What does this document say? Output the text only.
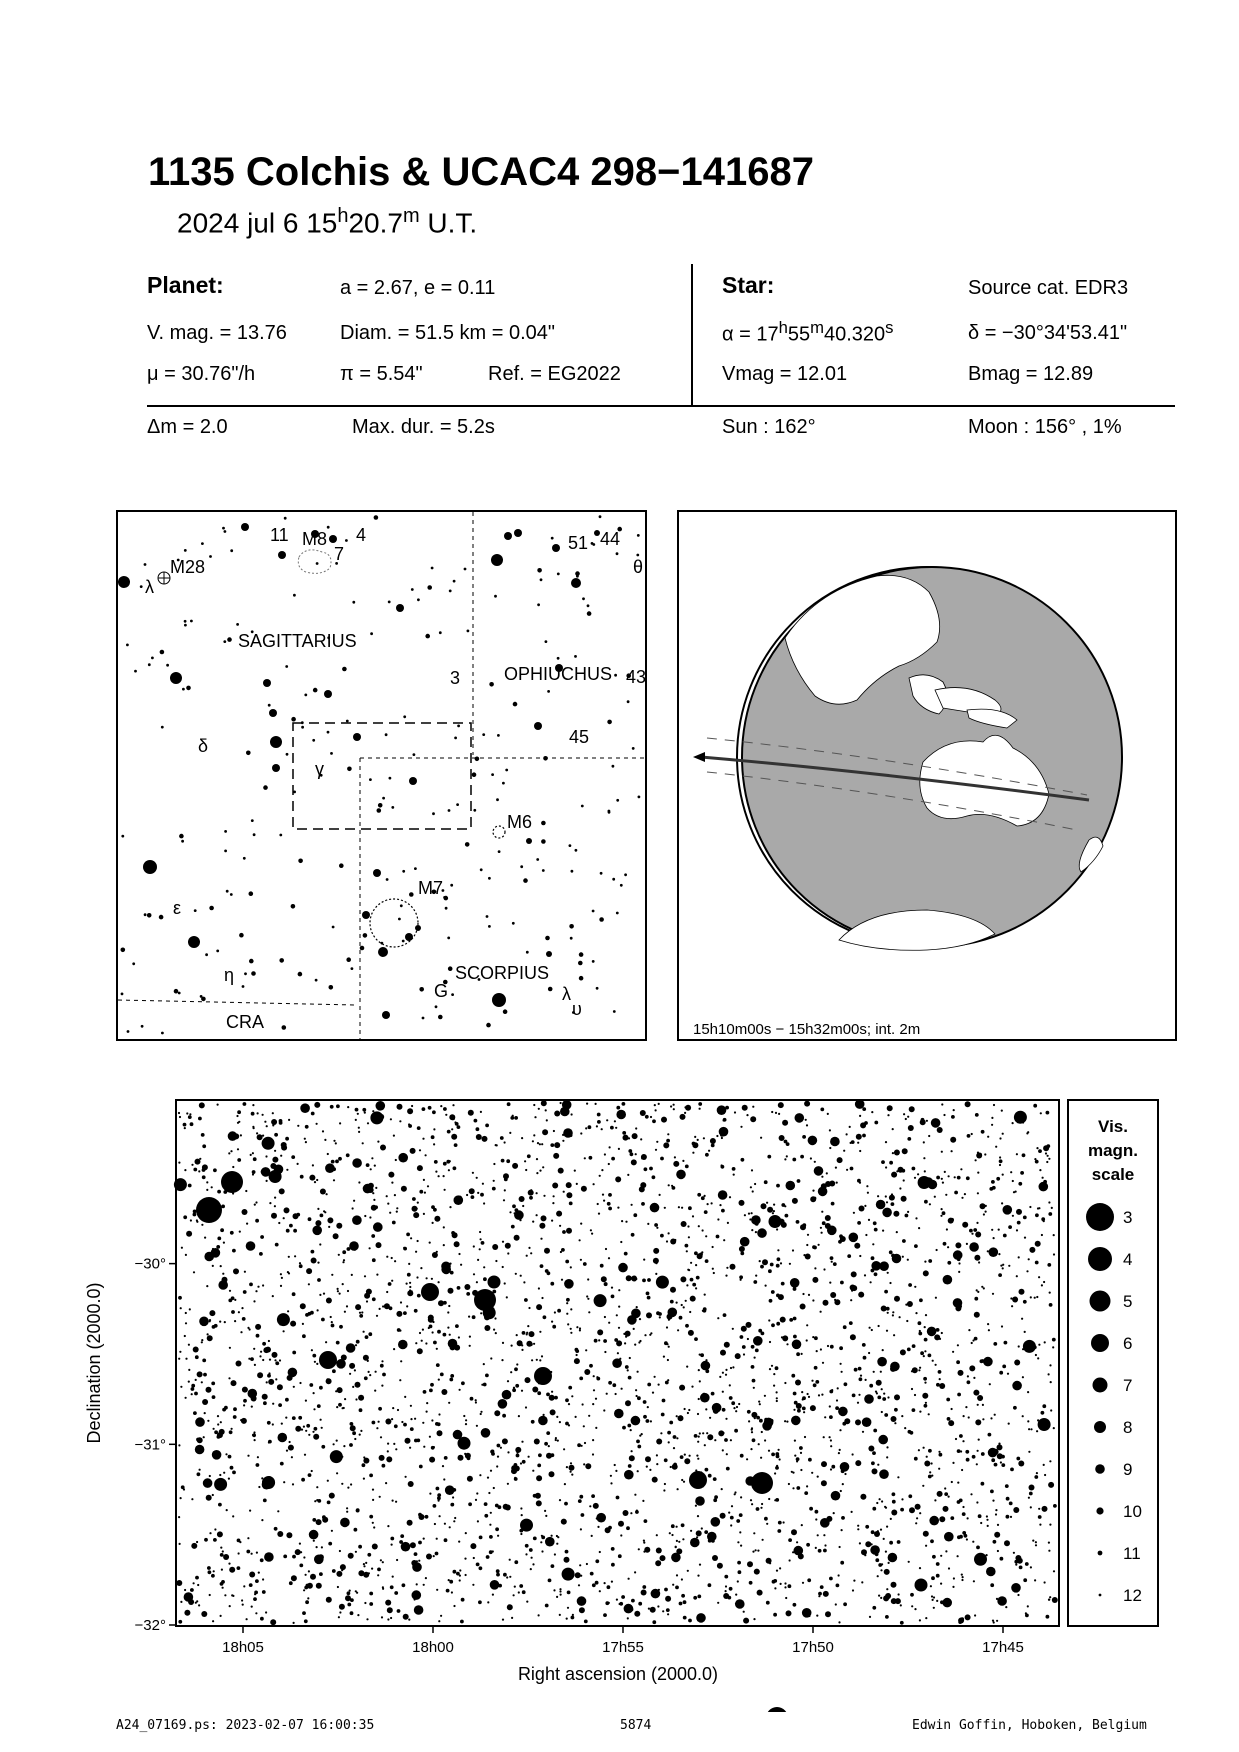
1135 Colchis & UCAC4 298−141687
2024 jul 6 15$^h$20.7$^m$ U.T.
Planet:	a = 2.67, e = 0.11
V. mag. = 13.76	Diam. = 51.5 km = 0.04"
μ = 30.76"/h	π = 5.54"	Ref. = EG2022
Star:	Source cat. EDR3
$\alpha = 17^h55^m40.320^s$	δ = −30°34'53.41"
Vmag = 12.01	Bmag = 12.89
Δm = 2.0	Max. dur. = 5.2s	Sun : 162°	Moon : 156° , 1%
SAGITTARIUS
OPHIUCHUS
SCORPIUS
CRA
M28
M8
M6
M7
11	4
7
3
51 44
43
45
G
λ
δ
γ
ε
η
θ
λ
υ
15h10m00s − 15h32m00s; int. 2m
18h05	18h00	17h55	17h50	17h45
−30°
−31°
−32°
Declination (2000.0)
Right ascension (2000.0)
Vis.
magn.
scale
3
4
5
6
7
8
9
10
11
12
A24_07169.ps: 2023-02-07 16:00:35	5874	Edwin Goffin, Hoboken, Belgium
